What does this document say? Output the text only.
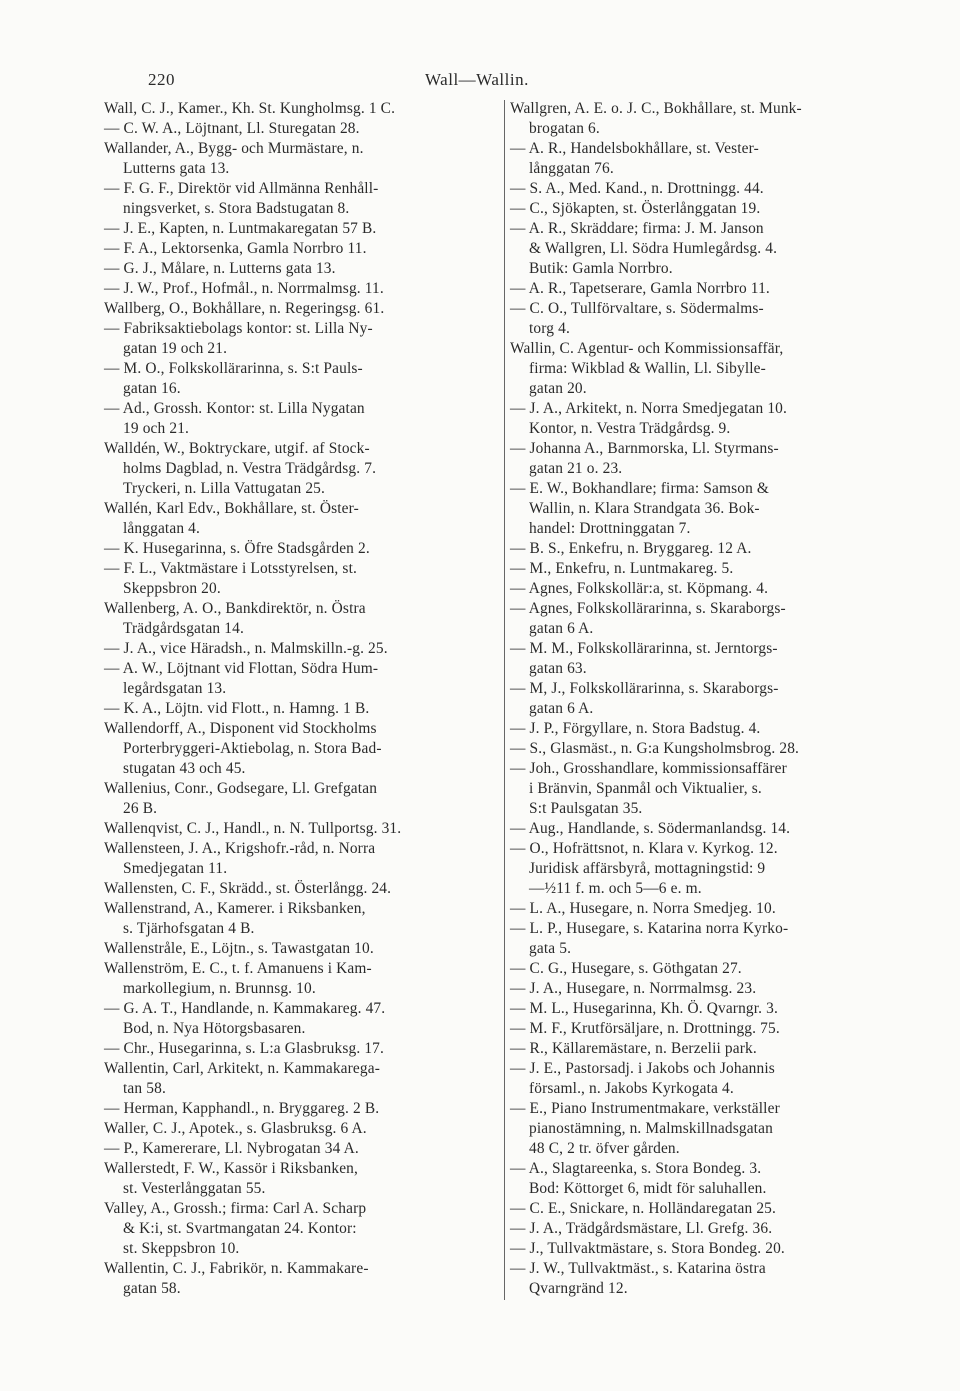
220	Wall—Wallin.
Wall, C. J., Kamer., Kh. St. Kungholmsg. 1 C.
— C. W. A., Löjtnant, Ll. Sturegatan 28.
Wallander, A., Bygg- och Murmästare, n.
Lutterns gata 13.
— F. G. F., Direktör vid Allmänna Renhåll-
ningsverket, s. Stora Badstugatan 8.
— J. E., Kapten, n. Luntmakaregatan 57 B.
— F. A., Lektorsenka, Gamla Norrbro 11.
— G. J., Målare, n. Lutterns gata 13.
— J. W., Prof., Hofmål., n. Norrmalmsg. 11.
Wallberg, O., Bokhållare, n. Regeringsg. 61.
— Fabriksaktiebolags kontor: st. Lilla Ny-
gatan 19 och 21.
— M. O., Folkskollärarinna, s. S:t Pauls-
gatan 16.
— Ad., Grossh. Kontor: st. Lilla Nygatan
19 och 21.
Walldén, W., Boktryckare, utgif. af Stock-
holms Dagblad, n. Vestra Trädgårdsg. 7.
Tryckeri, n. Lilla Vattugatan 25.
Wallén, Karl Edv., Bokhållare, st. Öster-
långgatan 4.
— K. Husegarinna, s. Öfre Stadsgården 2.
— F. L., Vaktmästare i Lotsstyrelsen, st.
Skeppsbron 20.
Wallenberg, A. O., Bankdirektör, n. Östra
Trädgårdsgatan 14.
— J. A., vice Häradsh., n. Malmskilln.-g. 25.
— A. W., Löjtnant vid Flottan, Södra Hum-
legårdsgatan 13.
— K. A., Löjtn. vid Flott., n. Hamng. 1 B.
Wallendorff, A., Disponent vid Stockholms
Porterbryggeri-Aktiebolag, n. Stora Bad-
stugatan 43 och 45.
Wallenius, Conr., Godsegare, Ll. Grefgatan
26 B.
Wallenqvist, C. J., Handl., n. N. Tullportsg. 31.
Wallensteen, J. A., Krigshofr.-råd, n. Norra
Smedjegatan 11.
Wallensten, C. F., Skrädd., st. Österlångg. 24.
Wallenstrand, A., Kamerer. i Riksbanken,
s. Tjärhofsgatan 4 B.
Wallenstråle, E., Löjtn., s. Tawastgatan 10.
Wallenström, E. C., t. f. Amanuens i Kam-
markollegium, n. Brunnsg. 10.
— G. A. T., Handlande, n. Kammakareg. 47.
Bod, n. Nya Hötorgsbasaren.
— Chr., Husegarinna, s. L:a Glasbruksg. 17.
Wallentin, Carl, Arkitekt, n. Kammakarega-
tan 58.
— Herman, Kapphandl., n. Bryggareg. 2 B.
Waller, C. J., Apotek., s. Glasbruksg. 6 A.
— P., Kamererare, Ll. Nybrogatan 34 A.
Wallerstedt, F. W., Kassör i Riksbanken,
st. Vesterlånggatan 55.
Valley, A., Grossh.; firma: Carl A. Scharp
& K:i, st. Svartmangatan 24. Kontor:
st. Skeppsbron 10.
Wallentin, C. J., Fabrikör, n. Kammakare-
gatan 58.
Wallgren, A. E. o. J. C., Bokhållare, st. Munk-
brogatan 6.
— A. R., Handelsbokhållare, st. Vester-
långgatan 76.
— S. A., Med. Kand., n. Drottningg. 44.
— C., Sjökapten, st. Österlånggatan 19.
— A. R., Skräddare; firma: J. M. Janson
& Wallgren, Ll. Södra Humlegårdsg. 4.
Butik: Gamla Norrbro.
— A. R., Tapetserare, Gamla Norrbro 11.
— C. O., Tullförvaltare, s. Södermalms-
torg 4.
Wallin, C. Agentur- och Kommissionsaffär,
firma: Wikblad & Wallin, Ll. Sibylle-
gatan 20.
— J. A., Arkitekt, n. Norra Smedjegatan 10.
Kontor, n. Vestra Trädgårdsg. 9.
— Johanna A., Barnmorska, Ll. Styrmans-
gatan 21 o. 23.
— E. W., Bokhandlare; firma: Samson &
Wallin, n. Klara Strandgata 36. Bok-
handel: Drottninggatan 7.
— B. S., Enkefru, n. Bryggareg. 12 A.
— M., Enkefru, n. Luntmakareg. 5.
— Agnes, Folkskollär:a, st. Köpmang. 4.
— Agnes, Folkskollärarinna, s. Skaraborgs-
gatan 6 A.
— M. M., Folkskollärarinna, st. Jerntorgs-
gatan 63.
— M, J., Folkskollärarinna, s. Skaraborgs-
gatan 6 A.
— J. P., Förgyllare, n. Stora Badstug. 4.
— S., Glasmäst., n. G:a Kungsholmsbrog. 28.
— Joh., Grosshandlare, kommissionsaffärer
i Bränvin, Spanmål och Viktualier, s.
S:t Paulsgatan 35.
— Aug., Handlande, s. Södermanlandsg. 14.
— O., Hofrättsnot, n. Klara v. Kyrkog. 12.
Juridisk affärsbyrå, mottagningstid: 9
—½11 f. m. och 5—6 e. m.
— L. A., Husegare, n. Norra Smedjeg. 10.
— L. P., Husegare, s. Katarina norra Kyrko-
gata 5.
— C. G., Husegare, s. Göthgatan 27.
— J. A., Husegare, n. Norrmalmsg. 23.
— M. L., Husegarinna, Kh. Ö. Qvarngr. 3.
— M. F., Krutförsäljare, n. Drottningg. 75.
— R., Källaremästare, n. Berzelii park.
— J. E., Pastorsadj. i Jakobs och Johannis
församl., n. Jakobs Kyrkogata 4.
— E., Piano Instrumentmakare, verkställer
pianostämning, n. Malmskillnadsgatan
48 C, 2 tr. öfver gården.
— A., Slagtareenka, s. Stora Bondeg. 3.
Bod: Köttorget 6, midt för saluhallen.
— C. E., Snickare, n. Holländaregatan 25.
— J. A., Trädgårdsmästare, Ll. Grefg. 36.
— J., Tullvaktmästare, s. Stora Bondeg. 20.
— J. W., Tullvaktmäst., s. Katarina östra
Qvarngränd 12.
